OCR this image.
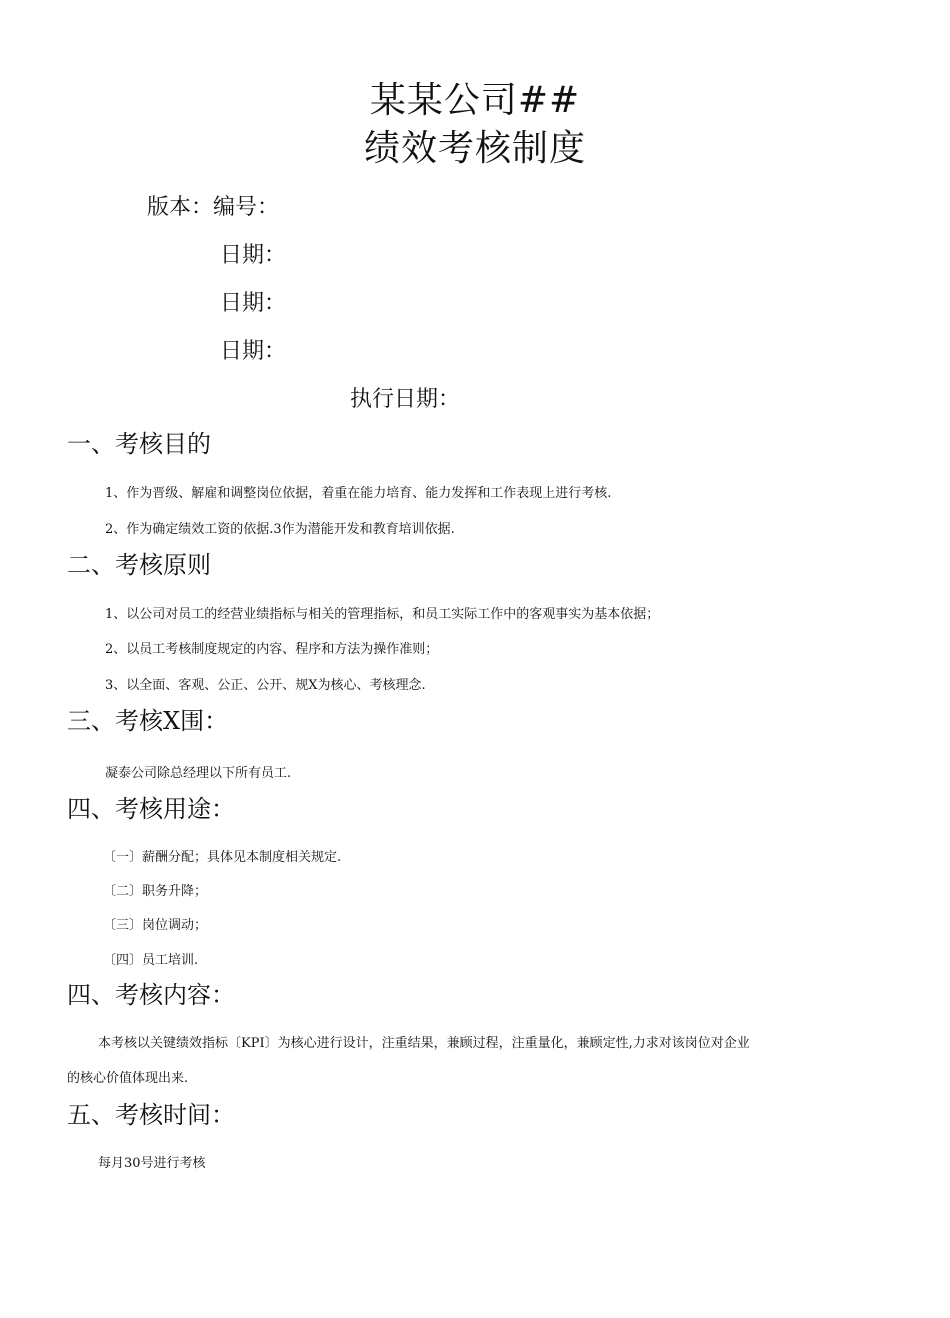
某某公司##
绩效考核制度
版本：编号：
日期：
日期：
日期：
执行日期：
一、考核目的
1、作为晋级、解雇和调整岗位依据，着重在能力培育、能力发挥和工作表现上进行考核.
2、作为确定绩效工资的依据.3作为潜能开发和教育培训依据.
二、考核原则
1、以公司对员工的经营业绩指标与相关的管理指标，和员工实际工作中的客观事实为基本依据；
2、以员工考核制度规定的内容、程序和方法为操作准则；
3、以全面、客观、公正、公开、规X为核心、考核理念.
三、考核X围：
凝泰公司除总经理以下所有员工.
四、考核用途：
〔一〕薪酬分配；具体见本制度相关规定.
〔二〕职务升降；
〔三〕岗位调动；
〔四〕员工培训.
四、考核内容：
本考核以关键绩效指标〔KPI〕为核心进行设计，注重结果，兼顾过程，注重量化，兼顾定性,力求对该岗位对企业
的核心价值体现出来.
五、考核时间：
每月30号进行考核
